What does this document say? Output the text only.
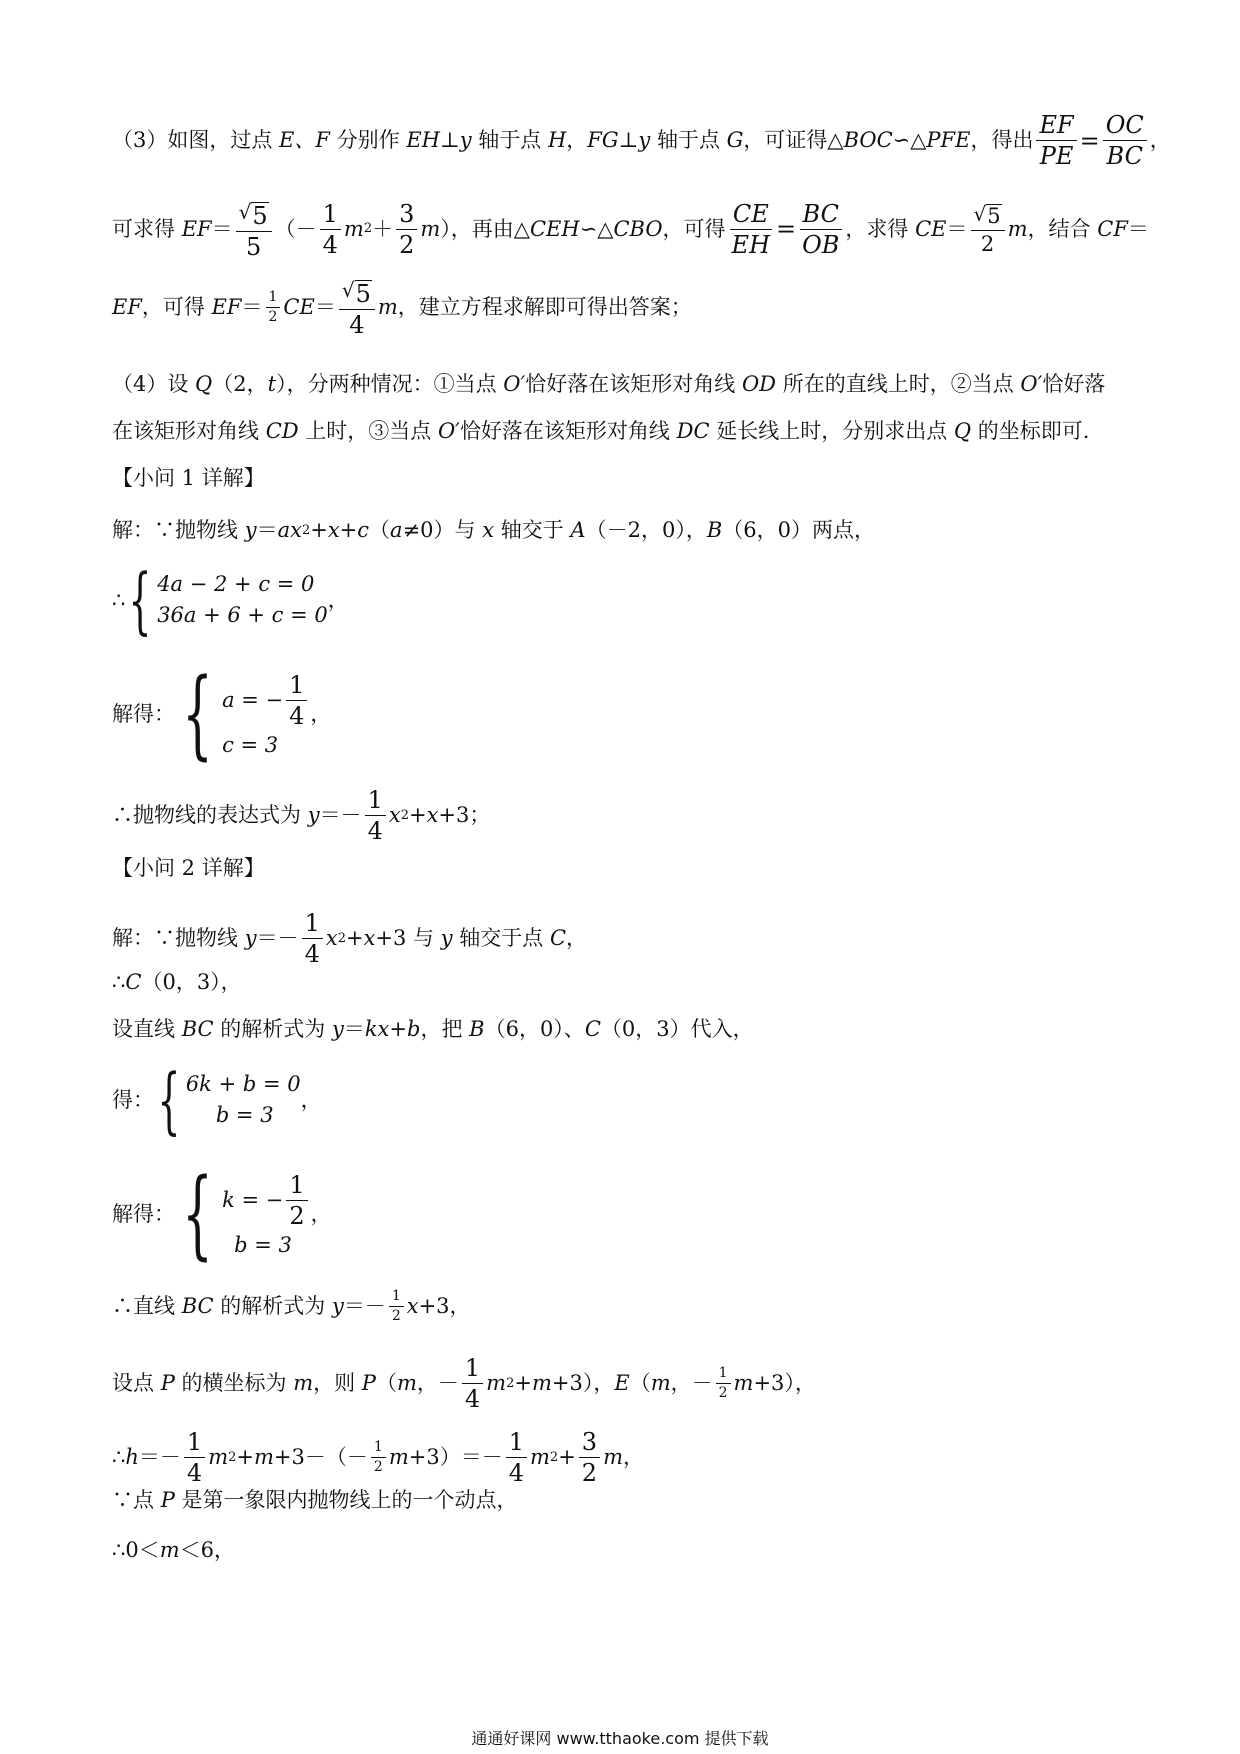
（3）如图，过点 E、F 分别作 EH ⊥ y 轴于点 H ， FG ⊥ y 轴于点 G ，可证得△ BOC ∽△ PFE ，得出 $\frac{EF}{PE} = \frac{OC}{BC}$ ，
可求得 EF ＝ $\frac{√ 5}{5}$ （－ $\frac{1}{4}$ m $2 + \frac{3}{2}$ m ），再由△ CEH ∽△ CBO ，可得 $\frac{CE}{EH} = \frac{BC}{OB}$ ，求得 CE ＝ $\frac{√ 5}{2}$ m ，结合 CF ＝
EF ，可得 EF ＝ $\frac{1}{2}$ CE ＝ $\frac{√ 5}{4}$ m ，建立方程求解即可得出答案；
（4）设 Q （2， t ），分两种情况：①当点 O′ 恰好落在该矩形对角线 OD 所在的直线上时，②当点 O′ 恰好落
在该矩形对角线 CD 上时，③当点 O′ 恰好落在该矩形对角线 DC 延长线上时，分别求出点 Q 的坐标即可.
【小问 1 详解】
解：∵抛物线 y ＝ ax 2 + x + c （ a ≠0）与 x 轴交于 A （－2，0）， B （6，0）两点，
∴ { 4a − 2 + c = 0
36a + 6 + c = 0
，
解得： { a = − $\frac{1}{4}$
c = 3
，
∴抛物线的表达式为 $y =- \frac{1}{4}$ x 2 + x +3；
【小问 2 详解】
解：∵抛物线 $y =- \frac{1}{4}$ x 2 + x +3 与 y 轴交于点 C ，
∴ C （0，3），
设直线 BC 的解析式为 y ＝ kx + b ，把 B （6，0）、 C （0，3）代入，
得： { 6k + b = 0
b = 3
，
解得： { k = − $\frac{1}{2}$
b = 3
，
∴直线 BC 的解析式为 $y =- \frac{1}{2}$ x +3，
设点 P 的横坐标为 m ，则 P （ m ，－ $\frac{1}{4}$ m 2 + m +3）， E （ m ，－ $\frac{1}{2}$ m +3），
∴ $h =- \frac{1}{4}$ m $2 + m +3-(- \frac{1}{2}$ $m +3)=- \frac{1}{4}$ m $2 + \frac{3}{2}$ m ，
∵点 P 是第一象限内抛物线上的一个动点，
∴0＜ m ＜6，
通通好课网 www.tthaoke.com 提供下载
